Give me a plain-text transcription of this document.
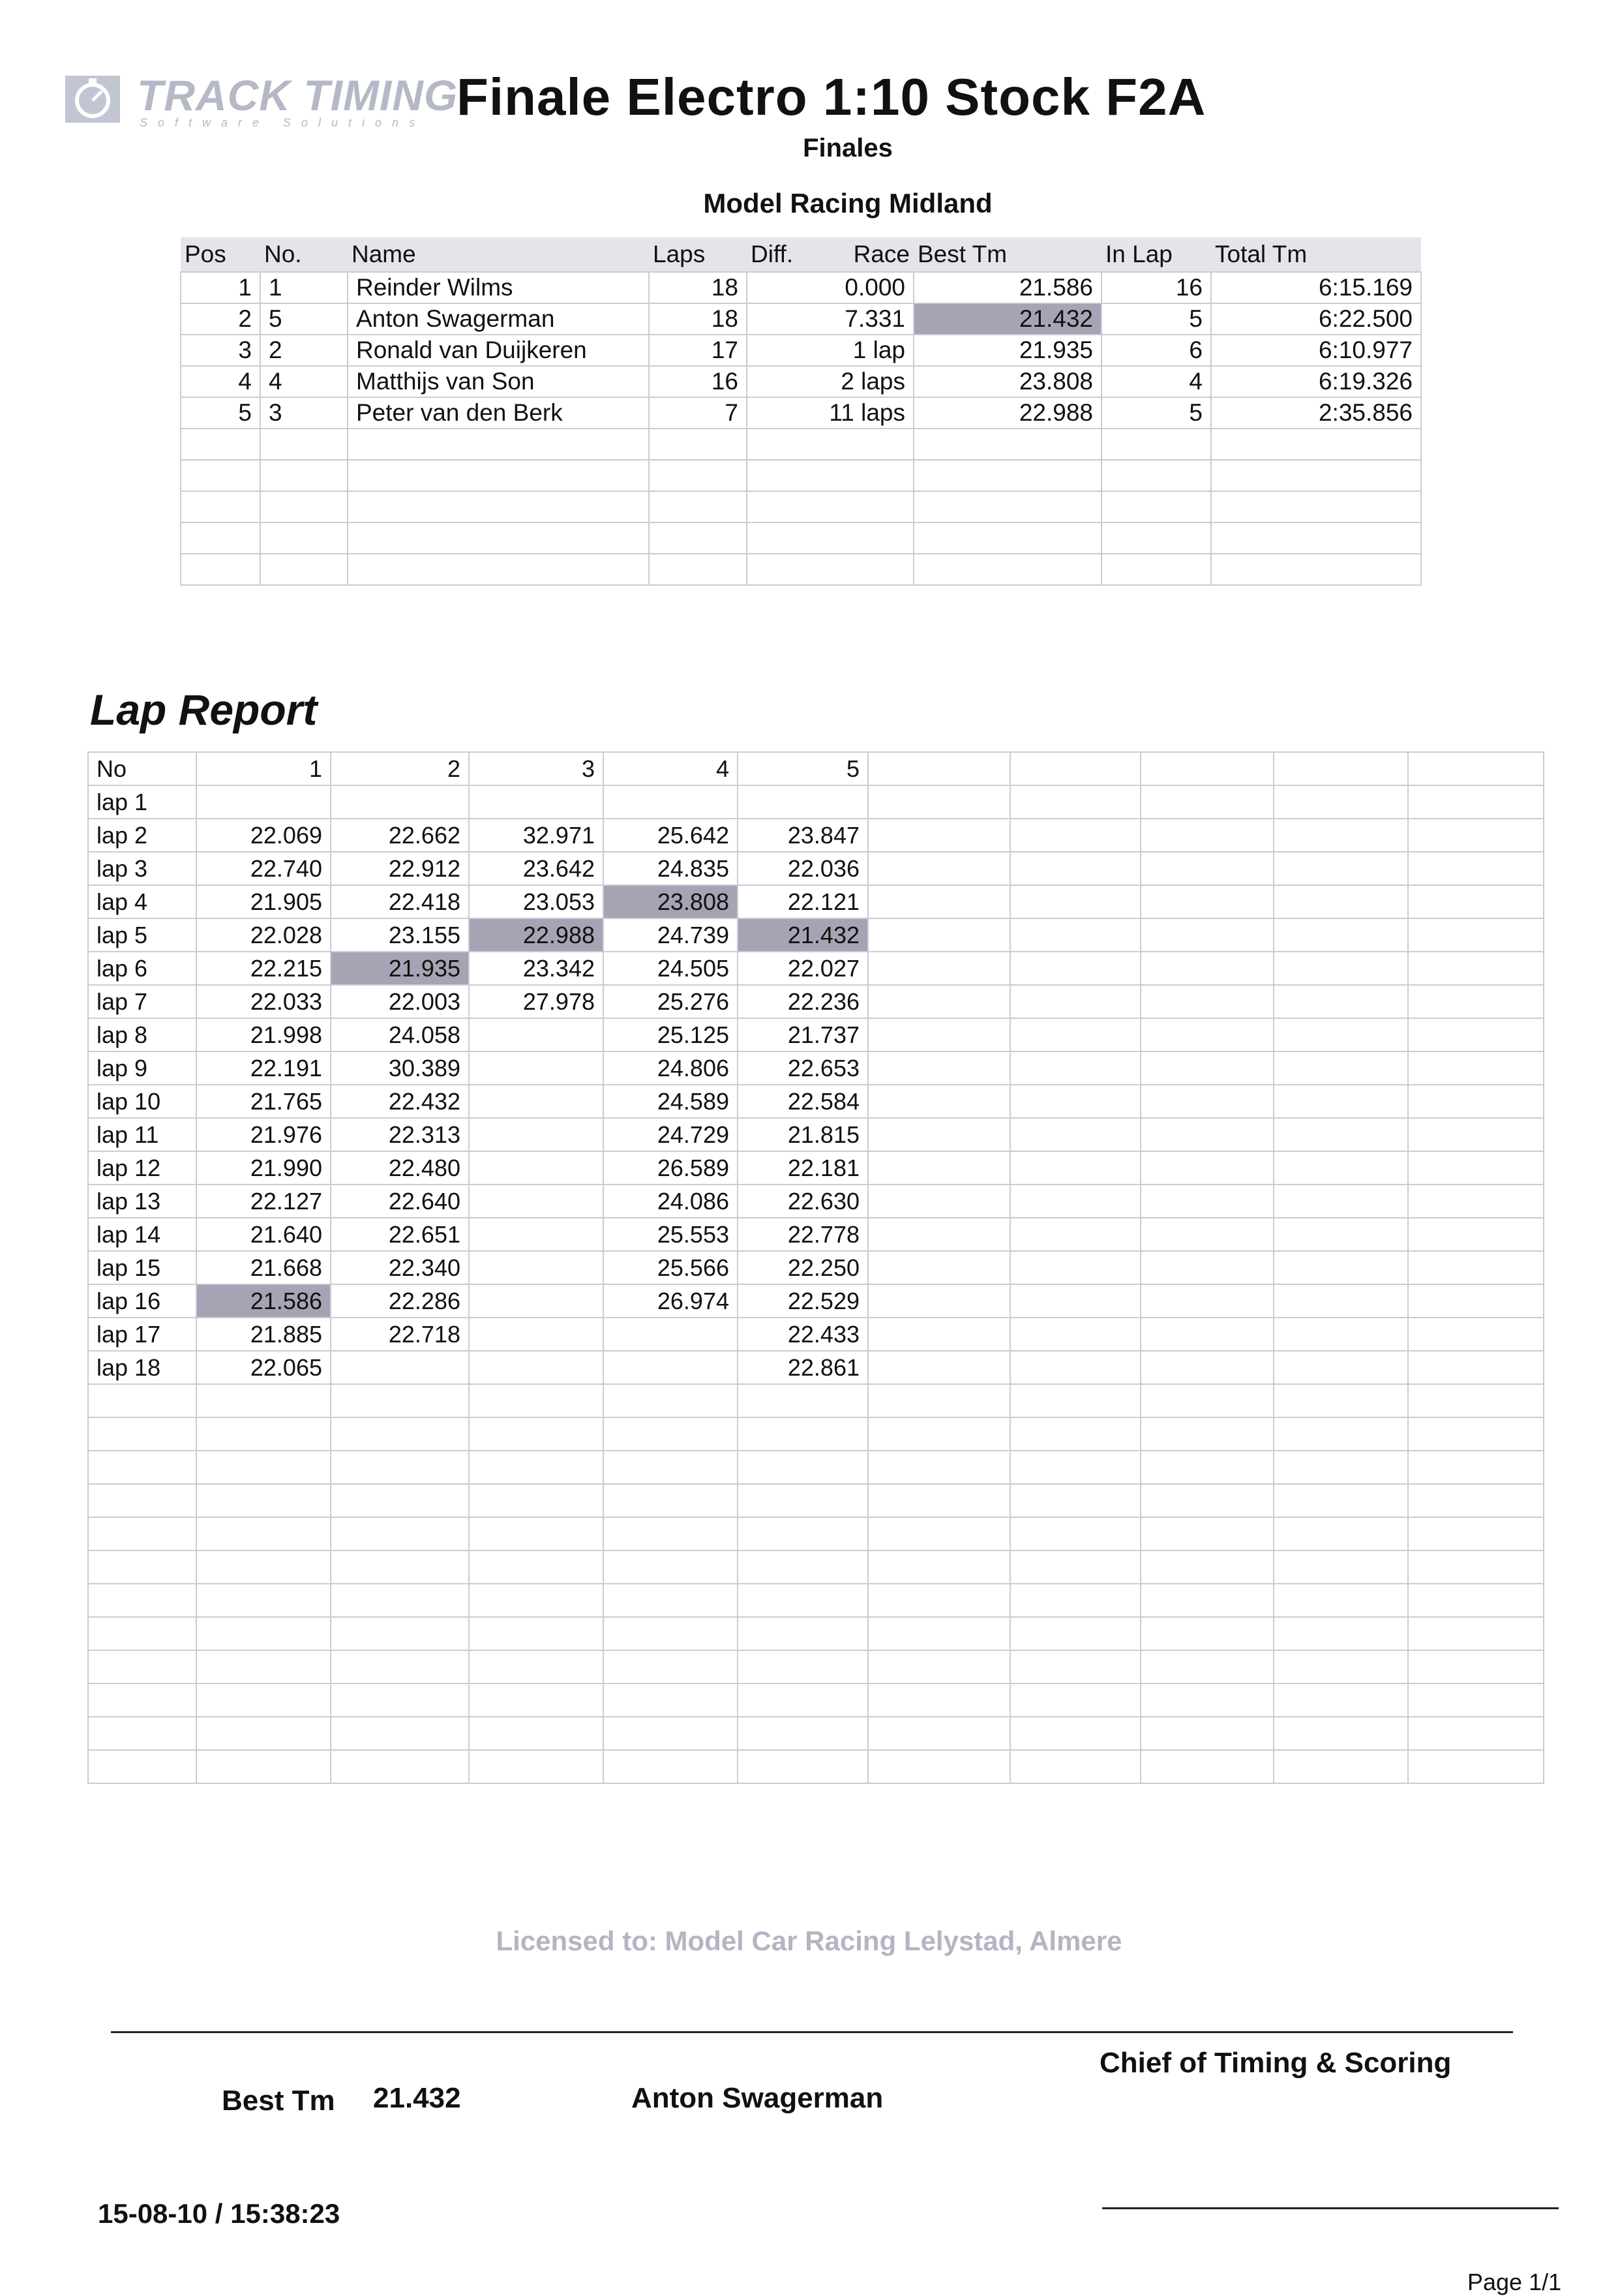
TRACK TIMING
Software Solutions Finale Electro 1:10 Stock F2A
Finales
Model Racing Midland
Pos	No.	Name	Laps	Diff.	Race	Best Tm	In Lap	Total Tm
1	1	Reinder Wilms	18	0.000		21.586	16	6:15.169
2	5	Anton Swagerman	18	7.331		21.432	5	6:22.500
3	2	Ronald van Duijkeren	17	1 lap		21.935	6	6:10.977
4	4	Matthijs van Son	16	2 laps		23.808	4	6:19.326
5	3	Peter van den Berk	7	11 laps		22.988	5	2:35.856

Lap Report
No	1	2	3	4	5					
lap 1										
lap 2	22.069	22.662	32.971	25.642	23.847					
lap 3	22.740	22.912	23.642	24.835	22.036					
lap 4	21.905	22.418	23.053	23.808	22.121					
lap 5	22.028	23.155	22.988	24.739	21.432					
lap 6	22.215	21.935	23.342	24.505	22.027					
lap 7	22.033	22.003	27.978	25.276	22.236					
lap 8	21.998	24.058		25.125	21.737					
lap 9	22.191	30.389		24.806	22.653					
lap 10	21.765	22.432		24.589	22.584					
lap 11	21.976	22.313		24.729	21.815					
lap 12	21.990	22.480		26.589	22.181					
lap 13	22.127	22.640		24.086	22.630					
lap 14	21.640	22.651		25.553	22.778					
lap 15	21.668	22.340		25.566	22.250					
lap 16	21.586	22.286		26.974	22.529					
lap 17	21.885	22.718			22.433					
lap 18	22.065				22.861					

Licensed to: Model Car Racing Lelystad, Almere
Chief of Timing & Scoring
Best Tm 21.432	Anton Swagerman
15-08-10 / 15:38:23
Page 1/1
